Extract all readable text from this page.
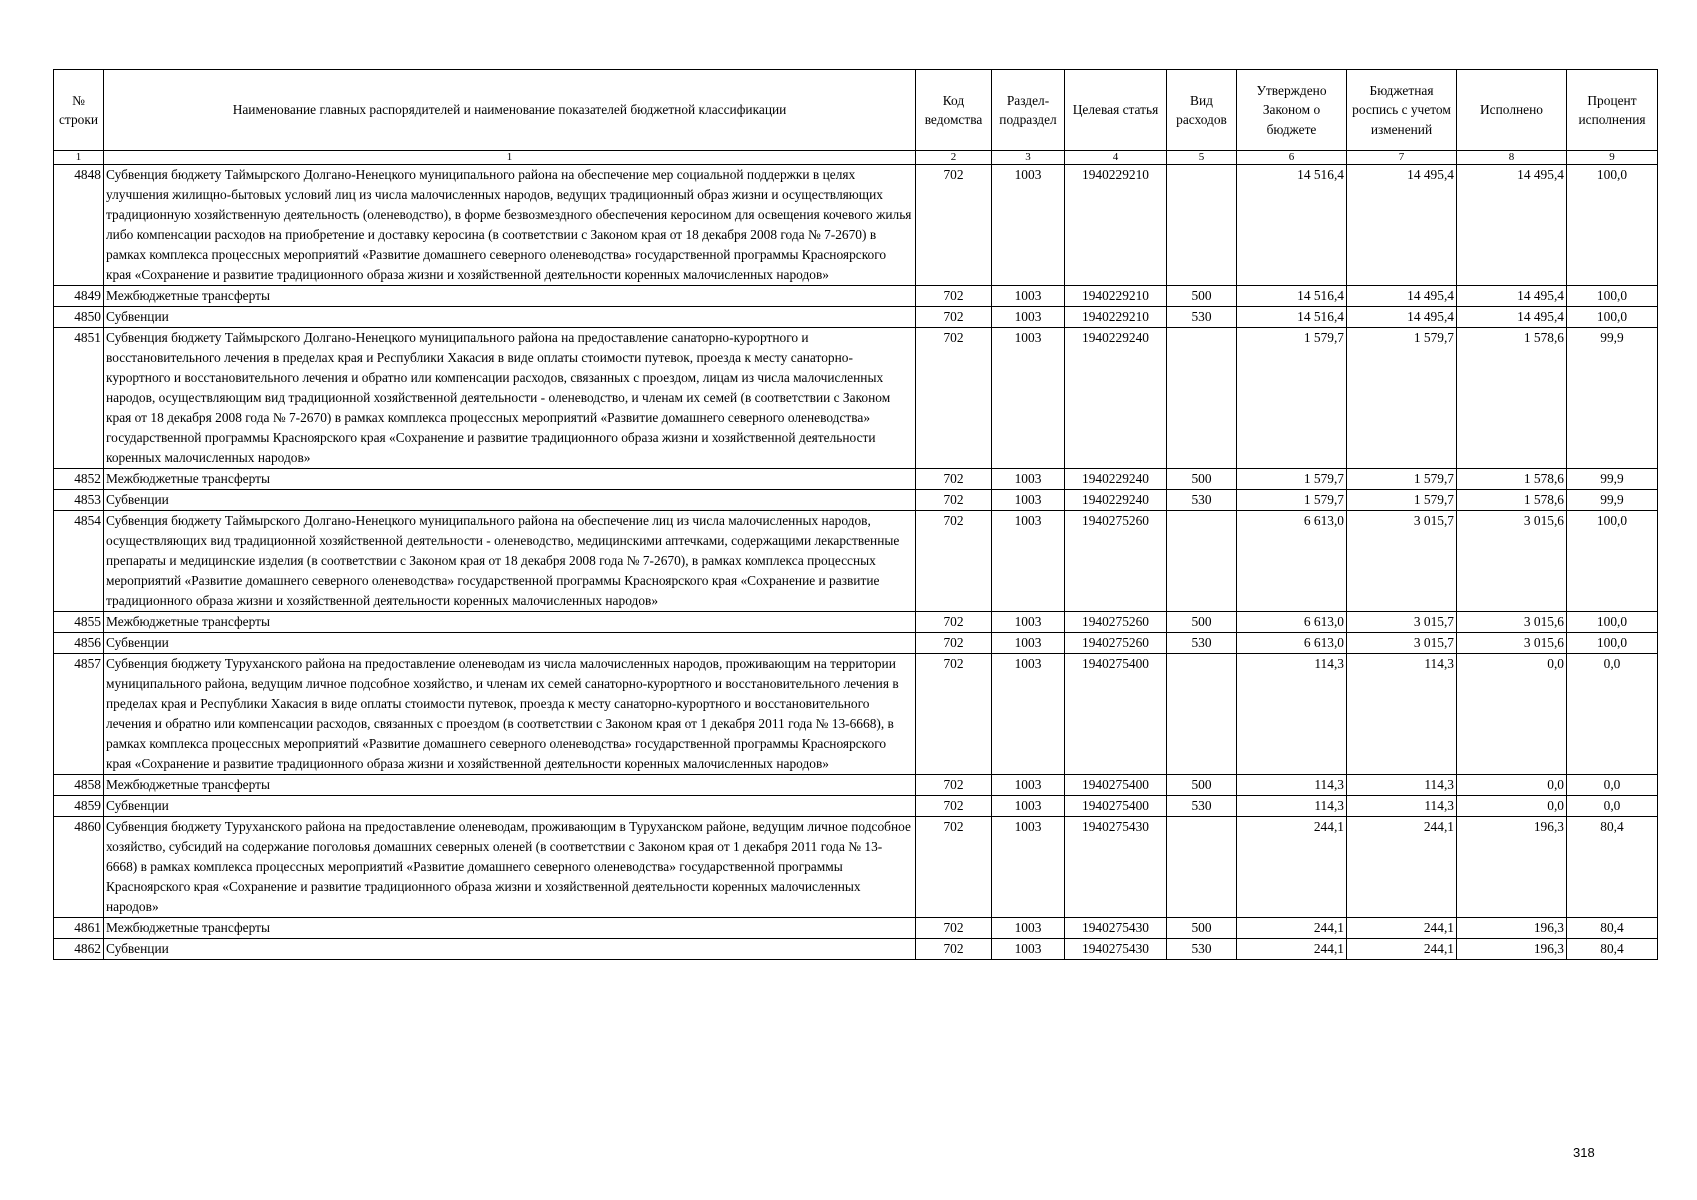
№ строки	Наименование главных распорядителей и наименование показателей бюджетной классификации	Код ведомства	Раздел-подраздел	Целевая статья	Вид расходов	Утверждено Законом о бюджете	Бюджетная роспись с учетом изменений	Исполнено	Процент исполнения
1	1	2	3	4	5	6	7	8	9
4848	Субвенция бюджету Таймырского Долгано-Ненецкого муниципального района на обеспечение мер социальной поддержки в целях улучшения жилищно-бытовых условий лиц из числа малочисленных народов, ведущих традиционный образ жизни и осуществляющих традиционную хозяйственную деятельность (оленеводство), в форме безвозмездного обеспечения керосином для освещения кочевого жилья либо компенсации расходов на приобретение и доставку керосина (в соответствии с Законом края от 18 декабря 2008 года № 7-2670) в рамках комплекса процессных мероприятий «Развитие домашнего северного оленеводства» государственной программы Красноярского края «Сохранение и развитие традиционного образа жизни и хозяйственной деятельности коренных малочисленных народов»	702	1003	1940229210		14 516,4	14 495,4	14 495,4	100,0
4849	Межбюджетные трансферты	702	1003	1940229210	500	14 516,4	14 495,4	14 495,4	100,0
4850	Субвенции	702	1003	1940229210	530	14 516,4	14 495,4	14 495,4	100,0
4851	Субвенция бюджету Таймырского Долгано-Ненецкого муниципального района на предоставление санаторно-курортного и восстановительного лечения в пределах края и Республики Хакасия в виде оплаты стоимости путевок, проезда к месту санаторно-курортного и восстановительного лечения и обратно или компенсации расходов, связанных с проездом, лицам из числа малочисленных народов, осуществляющим вид традиционной хозяйственной деятельности - оленеводство, и членам их семей (в соответствии с Законом края от 18 декабря 2008 года № 7-2670) в рамках комплекса процессных мероприятий «Развитие домашнего северного оленеводства» государственной программы Красноярского края «Сохранение и развитие традиционного образа жизни и хозяйственной деятельности коренных малочисленных народов»	702	1003	1940229240		1 579,7	1 579,7	1 578,6	99,9
4852	Межбюджетные трансферты	702	1003	1940229240	500	1 579,7	1 579,7	1 578,6	99,9
4853	Субвенции	702	1003	1940229240	530	1 579,7	1 579,7	1 578,6	99,9
4854	Субвенция бюджету Таймырского Долгано-Ненецкого муниципального района на обеспечение лиц из числа малочисленных народов, осуществляющих вид традиционной хозяйственной деятельности - оленеводство, медицинскими аптечками, содержащими лекарственные препараты и медицинские изделия (в соответствии с Законом края от 18 декабря 2008 года № 7-2670), в рамках комплекса процессных мероприятий «Развитие домашнего северного оленеводства» государственной программы Красноярского края «Сохранение и развитие традиционного образа жизни и хозяйственной деятельности коренных малочисленных народов»	702	1003	1940275260		6 613,0	3 015,7	3 015,6	100,0
4855	Межбюджетные трансферты	702	1003	1940275260	500	6 613,0	3 015,7	3 015,6	100,0
4856	Субвенции	702	1003	1940275260	530	6 613,0	3 015,7	3 015,6	100,0
4857	Субвенция бюджету Туруханского района на предоставление оленеводам из числа малочисленных народов, проживающим на территории муниципального района, ведущим личное подсобное хозяйство, и членам их семей санаторно-курортного и восстановительного лечения в пределах края и Республики Хакасия в виде оплаты стоимости путевок, проезда к месту санаторно-курортного и восстановительного лечения и обратно или компенсации расходов, связанных с проездом (в соответствии с Законом края от 1 декабря 2011 года № 13-6668), в рамках комплекса процессных мероприятий «Развитие домашнего северного оленеводства» государственной программы Красноярского края «Сохранение и развитие традиционного образа жизни и хозяйственной деятельности коренных малочисленных народов»	702	1003	1940275400		114,3	114,3	0,0	0,0
4858	Межбюджетные трансферты	702	1003	1940275400	500	114,3	114,3	0,0	0,0
4859	Субвенции	702	1003	1940275400	530	114,3	114,3	0,0	0,0
4860	Субвенция бюджету Туруханского района на предоставление оленеводам, проживающим в Туруханском районе, ведущим личное подсобное хозяйство, субсидий на содержание поголовья домашних северных оленей (в соответствии с Законом края от 1 декабря 2011 года № 13-6668) в рамках комплекса процессных мероприятий «Развитие домашнего северного оленеводства» государственной программы Красноярского края «Сохранение и развитие традиционного образа жизни и хозяйственной деятельности коренных малочисленных народов»	702	1003	1940275430		244,1	244,1	196,3	80,4
4861	Межбюджетные трансферты	702	1003	1940275430	500	244,1	244,1	196,3	80,4
4862	Субвенции	702	1003	1940275430	530	244,1	244,1	196,3	80,4
318
